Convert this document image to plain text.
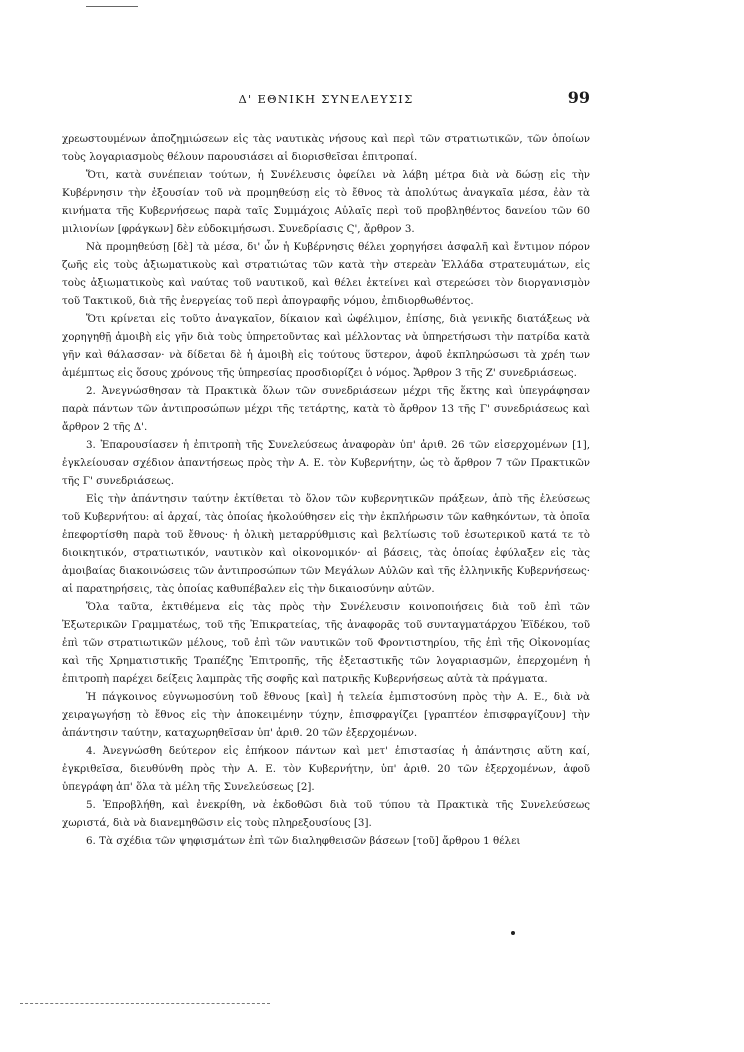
Δ' ΕΘΝΙΚΗ ΣΥΝΕΛΕΥΣΙΣ	99

χρεωστουμένων ἀποζημιώσεων εἰς τὰς ναυτικὰς νήσους καὶ περὶ τῶν στρατιωτικῶν, τῶν ὁποίων τοὺς λογαριασμοὺς θέλουν παρουσιάσει αἱ διορισθεῖσαι ἐπιτροπαί.

Ὅτι, κατὰ συνέπειαν τούτων, ἡ Συνέλευσις ὀφείλει νὰ λάβη μέτρα διὰ νὰ δώσῃ εἰς τὴν Κυβέρνησιν τὴν ἐξουσίαν τοῦ νὰ προμηθεύσῃ εἰς τὸ ἔθνος τὰ ἀπολύτως ἀναγκαῖα μέσα, ἐὰν τὰ κινήματα τῆς Κυβερνήσεως παρὰ ταῖς Συμμάχοις Αὐλαῖς περὶ τοῦ προβληθέντος δανείου τῶν 60 μιλιονίων [φράγκων] δὲν εὐδοκιμήσωσι. Συνεδρίασις Ϛ', ἄρθρον 3.

Νὰ προμηθεύσῃ [δὲ] τὰ μέσα, δι' ὧν ἡ Κυβέρνησις θέλει χορηγήσει ἀσφαλῆ καὶ ἔντιμον πόρον ζωῆς εἰς τοὺς ἀξιωματικοὺς καὶ στρατιώτας τῶν κατὰ τὴν στερεὰν Ἑλλάδα στρατευμάτων, εἰς τοὺς ἀξιωματικοὺς καὶ ναύτας τοῦ ναυτικοῦ, καὶ θέλει ἐκτείνει καὶ στερεώσει τὸν διοργανισμὸν τοῦ Τακτικοῦ, διὰ τῆς ἐνεργείας τοῦ περὶ ἀπογραφῆς νόμου, ἐπιδιορθωθέντος.

Ὅτι κρίνεται εἰς τοῦτο ἀναγκαῖον, δίκαιον καὶ ὠφέλιμον, ἐπίσης, διὰ γενικῆς διατάξεως νὰ χορηγηθῇ ἀμοιβὴ εἰς γῆν διὰ τοὺς ὑπηρετοῦντας καὶ μέλλοντας νὰ ὑπηρετήσωσι τὴν πατρίδα κατὰ γῆν καὶ θάλασσαν· νὰ δίδεται δὲ ἡ ἀμοιβὴ εἰς τούτους ὕστερον, ἀφοῦ ἐκπληρώσωσι τὰ χρέη των ἀμέμπτως εἰς ὅσους χρόνους τῆς ὑπηρεσίας προσδιορίζει ὁ νόμος. Ἄρθρον 3 τῆς Ζ' συνεδριάσεως.

2. Ἀνεγνώσθησαν τὰ Πρακτικὰ ὅλων τῶν συνεδριάσεων μέχρι τῆς ἕκτης καὶ ὑπεγράφησαν παρὰ πάντων τῶν ἀντιπροσώπων μέχρι τῆς τετάρτης, κατὰ τὸ ἄρθρον 13 τῆς Γ' συνεδριάσεως καὶ ἄρθρον 2 τῆς Δ'.

3. Ἐπαρουσίασεν ἡ ἐπιτροπὴ τῆς Συνελεύσεως ἀναφορὰν ὑπ' ἀριθ. 26 τῶν εἰσερχομένων [1], ἐγκλείουσαν σχέδιον ἀπαντήσεως πρὸς τὴν Α. Ε. τὸν Κυβερνήτην, ὡς τὸ ἄρθρον 7 τῶν Πρακτικῶν τῆς Γ' συνεδριάσεως.

Εἰς τὴν ἀπάντησιν ταύτην ἐκτίθεται τὸ ὅλον τῶν κυβερνητικῶν πράξεων, ἀπὸ τῆς ἐλεύσεως τοῦ Κυβερνήτου: αἱ ἀρχαί, τὰς ὁποίας ἠκολούθησεν εἰς τὴν ἐκπλήρωσιν τῶν καθηκόντων, τὰ ὁποῖα ἐπεφορτίσθη παρὰ τοῦ ἔθνους· ἡ ὁλικὴ μεταρρύθμισις καὶ βελτίωσις τοῦ ἐσωτερικοῦ κατά τε τὸ διοικητικόν, στρατιωτικόν, ναυτικὸν καὶ οἰκονομικόν· αἱ βάσεις, τὰς ὁποίας ἐφύλαξεν εἰς τὰς ἀμοιβαίας διακοινώσεις τῶν ἀντιπροσώπων τῶν Μεγάλων Αὐλῶν καὶ τῆς ἑλληνικῆς Κυβερνήσεως· αἱ παρατηρήσεις, τὰς ὁποίας καθυπέβαλεν εἰς τὴν δικαιοσύνην αὐτῶν.

Ὅλα ταῦτα, ἐκτιθέμενα εἰς τὰς πρὸς τὴν Συνέλευσιν κοινοποιήσεις διὰ τοῦ ἐπὶ τῶν Ἐξωτερικῶν Γραμματέως, τοῦ τῆς Ἐπικρατείας, τῆς ἀναφορᾶς τοῦ συνταγματάρχου Ἑϊδέκου, τοῦ ἐπὶ τῶν στρατιωτικῶν μέλους, τοῦ ἐπὶ τῶν ναυτικῶν τοῦ Φροντιστηρίου, τῆς ἐπὶ τῆς Οἰκονομίας καὶ τῆς Χρηματιστικῆς Τραπέζης Ἐπιτροπῆς, τῆς ἐξεταστικῆς τῶν λογαριασμῶν, ἐπερχομένη ἡ ἐπιτροπὴ παρέχει δείξεις λαμπρὰς τῆς σοφῆς καὶ πατρικῆς Κυβερνήσεως αὐτὰ τὰ πράγματα.

Ἡ πάγκοινος εὐγνωμοσύνη τοῦ ἔθνους [καὶ] ἡ τελεία ἐμπιστοσύνη πρὸς τὴν Α. Ε., διὰ νὰ χειραγωγήσῃ τὸ ἔθνος εἰς τὴν ἀποκειμένην τύχην, ἐπισφραγίζει [γραπτέον ἐπισφραγίζουν] τὴν ἀπάντησιν ταύτην, καταχωρηθεῖσαν ὑπ' ἀριθ. 20 τῶν ἐξερχομένων.

4. Ἀνεγνώσθη δεύτερον εἰς ἐπήκοον πάντων καὶ μετ' ἐπιστασίας ἡ ἀπάντησις αὕτη καί, ἐγκριθεῖσα, διευθύνθη πρὸς τὴν Α. Ε. τὸν Κυβερνήτην, ὑπ' ἀριθ. 20 τῶν ἐξερχομένων, ἀφοῦ ὑπεγράφη ἀπ' ὅλα τὰ μέλη τῆς Συνελεύσεως [2].

5. Ἐπροβλήθη, καὶ ἐνεκρίθη, νὰ ἐκδοθῶσι διὰ τοῦ τύπου τὰ Πρακτικὰ τῆς Συνελεύσεως χωριστά, διὰ νὰ διανεμηθῶσιν εἰς τοὺς πληρεξουσίους [3].

6. Τὰ σχέδια τῶν ψηφισμάτων ἐπὶ τῶν διαληφθεισῶν βάσεων [τοῦ] ἄρθρου 1 θέλει
